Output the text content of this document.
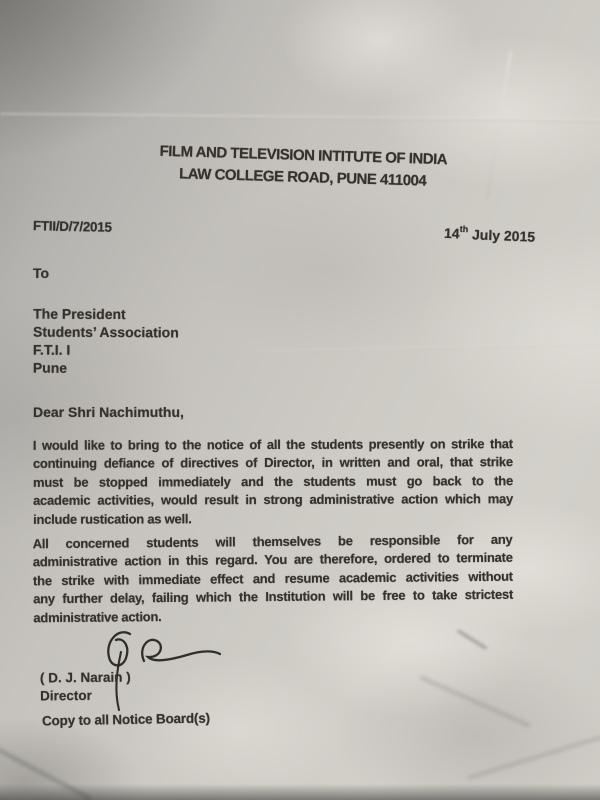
FILM AND TELEVISION INTITUTE OF INDIA
LAW COLLEGE ROAD, PUNE 411004
FTII/D/7/2015	14th July 2015
To
The President
Students’ Association
F.T.I. I
Pune
Dear Shri Nachimuthu,
I would like to bring to the notice of all the students presently on strike that
continuing defiance of directives of Director, in written and oral, that strike
must be stopped immediately and the students must go back to the
academic activities, would result in strong administrative action which may
include rustication as well.
All concerned students will themselves be responsible for any
administrative action in this regard. You are therefore, ordered to terminate
the strike with immediate effect and resume academic activities without
any further delay, failing which the Institution will be free to take strictest
administrative action.
( D. J. Narain )
Director
Copy to all Notice Board(s)
